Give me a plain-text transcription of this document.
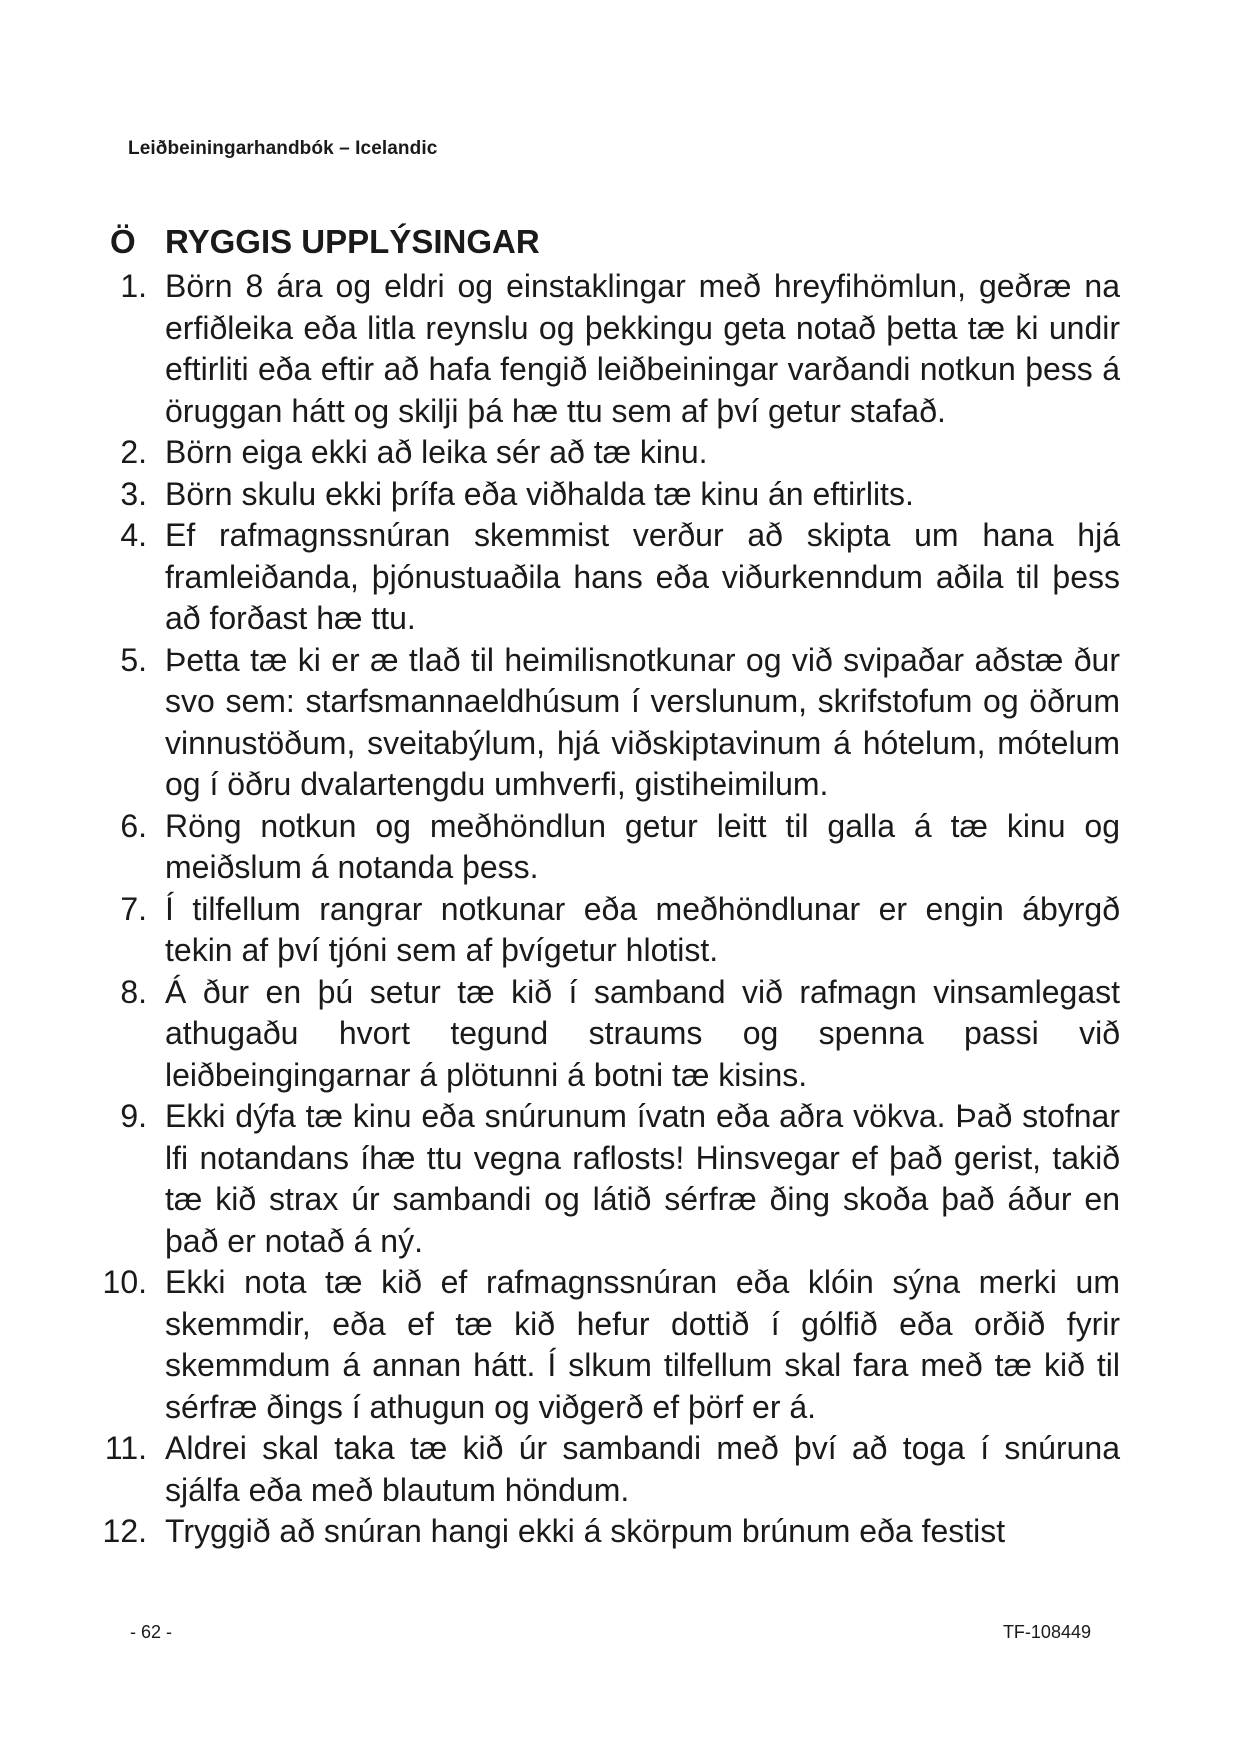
Leiðbeiningarhandbók – Icelandic
Ö RYGGIS UPPLÝSINGAR
1. Börn 8 ára og eldri og einstaklingar með hreyfihömlun, geðræ na erfiðleika eða litla reynslu og þekkingu geta notað þetta tæ ki undir eftirliti eða eftir að hafa fengið leiðbeiningar varðandi notkun þess á öruggan hátt og skilji þá hæ ttu sem af því getur stafað.
2. Börn eiga ekki að leika sér að tæ kinu.
3. Börn skulu ekki þrífa eða viðhalda tæ kinu án eftirlits.
4. Ef rafmagnssnúran skemmist verður að skipta um hana hjá framleiðanda, þjónustuaðila hans eða viðurkenndum aðila til þess að forðast hæ ttu.
5. Þetta tæ ki er æ tlað til heimilisnotkunar og við svipaðar aðstæ ður svo sem: starfsmannaeldhúsum í verslunum, skrifstofum og öðrum vinnustöðum, sveitabýlum, hjá viðskiptavinum á hótelum, mótelum og í öðru dvalartengdu umhverfi, gistiheimilum.
6. Röng notkun og meðhöndlun getur leitt til galla á tæ kinu og meiðslum á notanda þess.
7. Í tilfellum rangrar notkunar eða meðhöndlunar er engin ábyrgð tekin af því tjóni sem af þvígetur hlotist.
8. Á ður en þú setur tæ kið í samband við rafmagn vinsamlegast athugaðu hvort tegund straums og spenna passi við leiðbeingingarnar á plötunni á botni tæ kisins.
9. Ekki dýfa tæ kinu eða snúrunum ívatn eða aðra vökva. Það stofnar lfi notandans íhæ ttu vegna raflosts! Hinsvegar ef það gerist, takið tæ kið strax úr sambandi og látið sérfræ ðing skoða það áður en það er notað á ný.
10. Ekki nota tæ kið ef rafmagnssnúran eða klóin sýna merki um skemmdir, eða ef tæ kið hefur dottið í gólfið eða orðið fyrir skemmdum á annan hátt. Í slkum tilfellum skal fara með tæ kið til sérfræ ðings í athugun og viðgerð ef þörf er á.
11. Aldrei skal taka tæ kið úr sambandi með því að toga í snúruna sjálfa eða með blautum höndum.
12. Tryggið að snúran hangi ekki á skörpum brúnum eða festist
- 62 -	TF-108449
